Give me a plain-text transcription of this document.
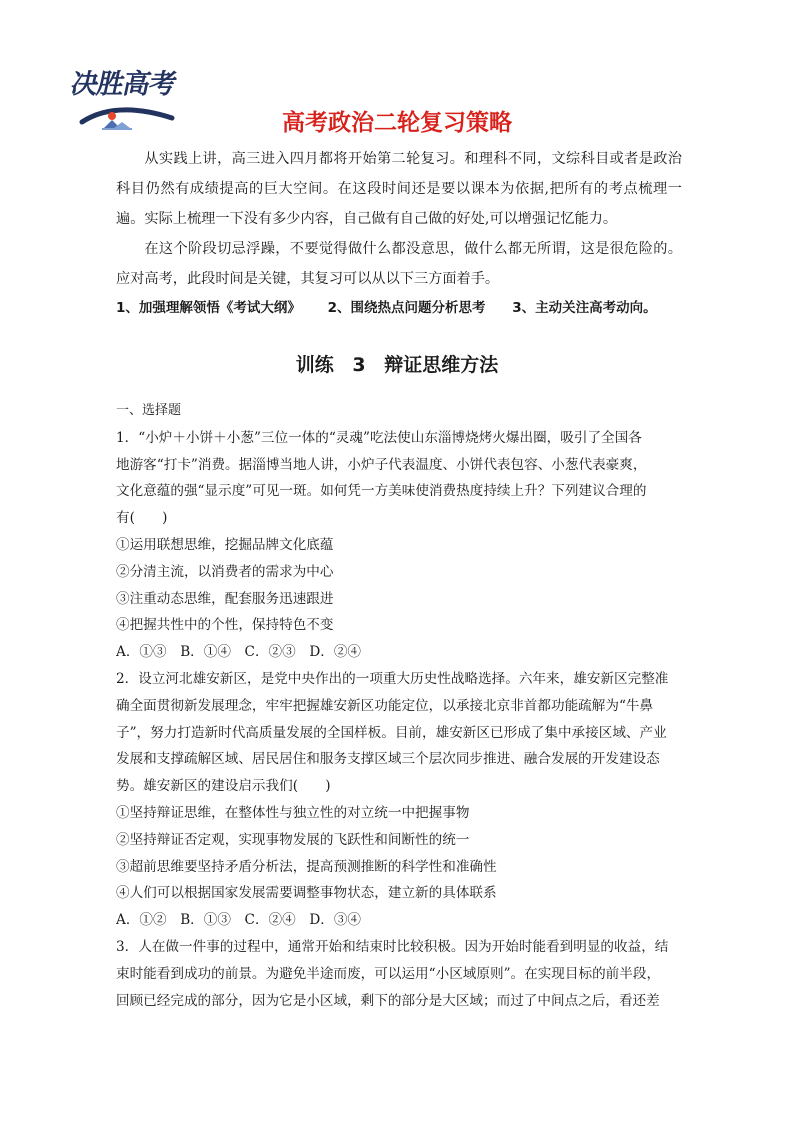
决胜高考
高考政治二轮复习策略

从实践上讲，高三进入四月都将开始第二轮复习。和理科不同，文综科目或者是政治科目仍然有成绩提高的巨大空间。在这段时间还是要以课本为依据,把所有的考点梳理一遍。实际上梳理一下没有多少内容，自己做有自己做的好处,可以增强记忆能力。

在这个阶段切忌浮躁，不要觉得做什么都没意思，做什么都无所谓，这是很危险的。应对高考，此段时间是关键，其复习可以从以下三方面着手。

1、加强理解领悟《考试大纲》 2、围绕热点问题分析思考 3、主动关注高考动向。
训练 3 辩证思维方法
一、选择题
1．“小炉＋小饼＋小葱”三位一体的“灵魂”吃法使山东淄博烧烤火爆出圈，吸引了全国各
地游客“打卡”消费。据淄博当地人讲，小炉子代表温度、小饼代表包容、小葱代表豪爽，
文化意蕴的强“显示度”可见一斑。如何凭一方美味使消费热度持续上升？下列建议合理的
有(　　)
①运用联想思维，挖掘品牌文化底蕴
②分清主流，以消费者的需求为中心
③注重动态思维，配套服务迅速跟进
④把握共性中的个性，保持特色不变
A．①③　B．①④　C．②③　D．②④
2．设立河北雄安新区，是党中央作出的一项重大历史性战略选择。六年来，雄安新区完整准
确全面贯彻新发展理念，牢牢把握雄安新区功能定位，以承接北京非首都功能疏解为“牛鼻
子”，努力打造新时代高质量发展的全国样板。目前，雄安新区已形成了集中承接区域、产业
发展和支撑疏解区域、居民居住和服务支撑区域三个层次同步推进、融合发展的开发建设态
势。雄安新区的建设启示我们(　　)
①坚持辩证思维，在整体性与独立性的对立统一中把握事物
②坚持辩证否定观，实现事物发展的飞跃性和间断性的统一
③超前思维要坚持矛盾分析法，提高预测推断的科学性和准确性
④人们可以根据国家发展需要调整事物状态，建立新的具体联系
A．①②　B．①③　C．②④　D．③④
3．人在做一件事的过程中，通常开始和结束时比较积极。因为开始时能看到明显的收益，结
束时能看到成功的前景。为避免半途而废，可以运用“小区域原则”。在实现目标的前半段，
回顾已经完成的部分，因为它是小区域，剩下的部分是大区域；而过了中间点之后，看还差
